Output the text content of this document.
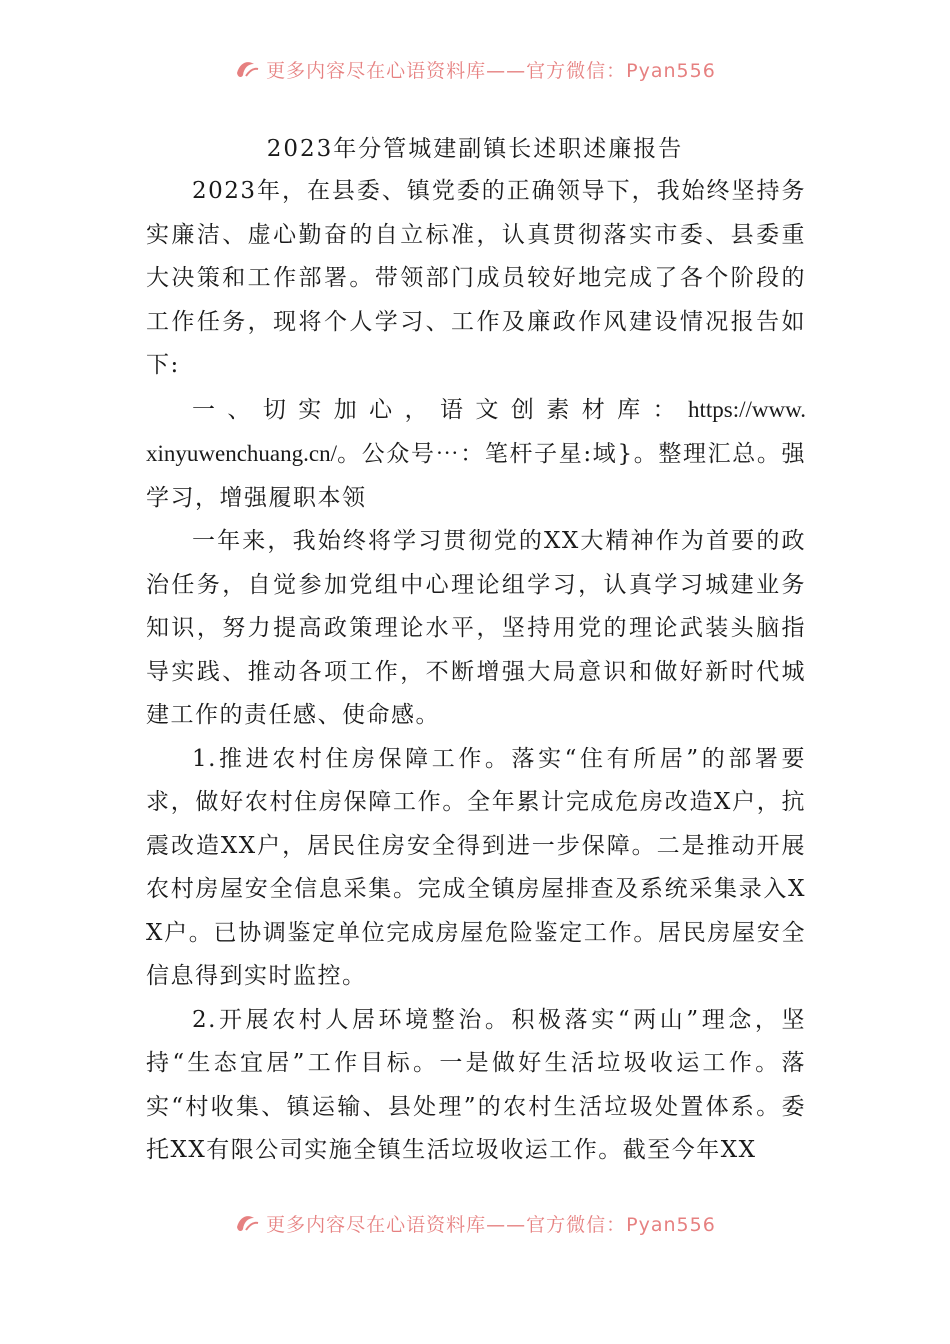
更多内容尽在心语资料库——官方微信：Pyan556
2023年分管城建副镇长述职述廉报告

2023年，在县委、镇党委的正确领导下，我始终坚持务实廉洁、虚心勤奋的自立标准，认真贯彻落实市委、县委重大决策和工作部署。带领部门成员较好地完成了各个阶段的工作任务，现将个人学习、工作及廉政作风建设情况报告如下:

一、切实加心，语文创素材库：https://www.xinyuwenchuang.cn/。公众号⋯：笔杆子星:域}。整理汇总。强学习，增强履职本领

一年来，我始终将学习贯彻党的XX大精神作为首要的政治任务，自觉参加党组中心理论组学习，认真学习城建业务知识，努力提高政策理论水平，坚持用党的理论武装头脑指导实践、推动各项工作，不断增强大局意识和做好新时代城建工作的责任感、使命感。

1.推进农村住房保障工作。落实“住有所居”的部署要求，做好农村住房保障工作。全年累计完成危房改造X户，抗震改造XX户，居民住房安全得到进一步保障。二是推动开展农村房屋安全信息采集。完成全镇房屋排查及系统采集录入XX户。已协调鉴定单位完成房屋危险鉴定工作。居民房屋安全信息得到实时监控。

2.开展农村人居环境整治。积极落实“两山”理念，坚持“生态宜居”工作目标。一是做好生活垃圾收运工作。落实“村收集、镇运输、县处理”的农村生活垃圾处置体系。委托XX有限公司实施全镇生活垃圾收运工作。截至今年XX

更多内容尽在心语资料库——官方微信：Pyan556
